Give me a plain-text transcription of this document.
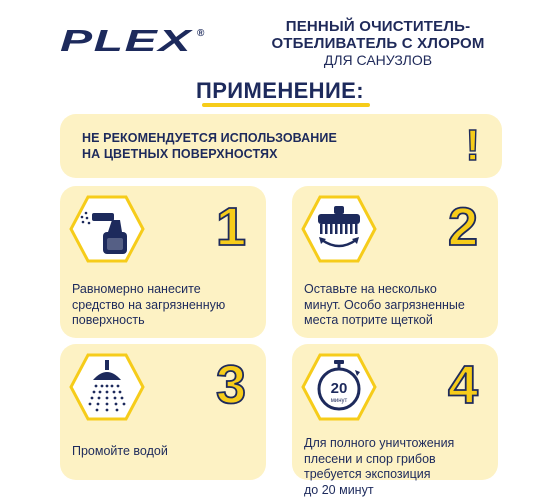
PLEX ®	ПЕННЫЙ ОЧИСТИТЕЛЬ-
ОТБЕЛИВАТЕЛЬ С ХЛОРОМ
ДЛЯ САНУЗЛОВ
ПРИМЕНЕНИЕ:
НЕ РЕКОМЕНДУЕТСЯ ИСПОЛЬЗОВАНИЕ
НА ЦВЕТНЫХ ПОВЕРХНОСТЯХ	!
1
Равномерно нанесите
средство на загрязненную
поверхность
2
Оставьте на несколько
минут. Особо загрязненные
места потрите щеткой
3
Промойте водой
20
минут 4
Для полного уничтожения
плесени и спор грибов
требуется экспозиция
до 20 минут
